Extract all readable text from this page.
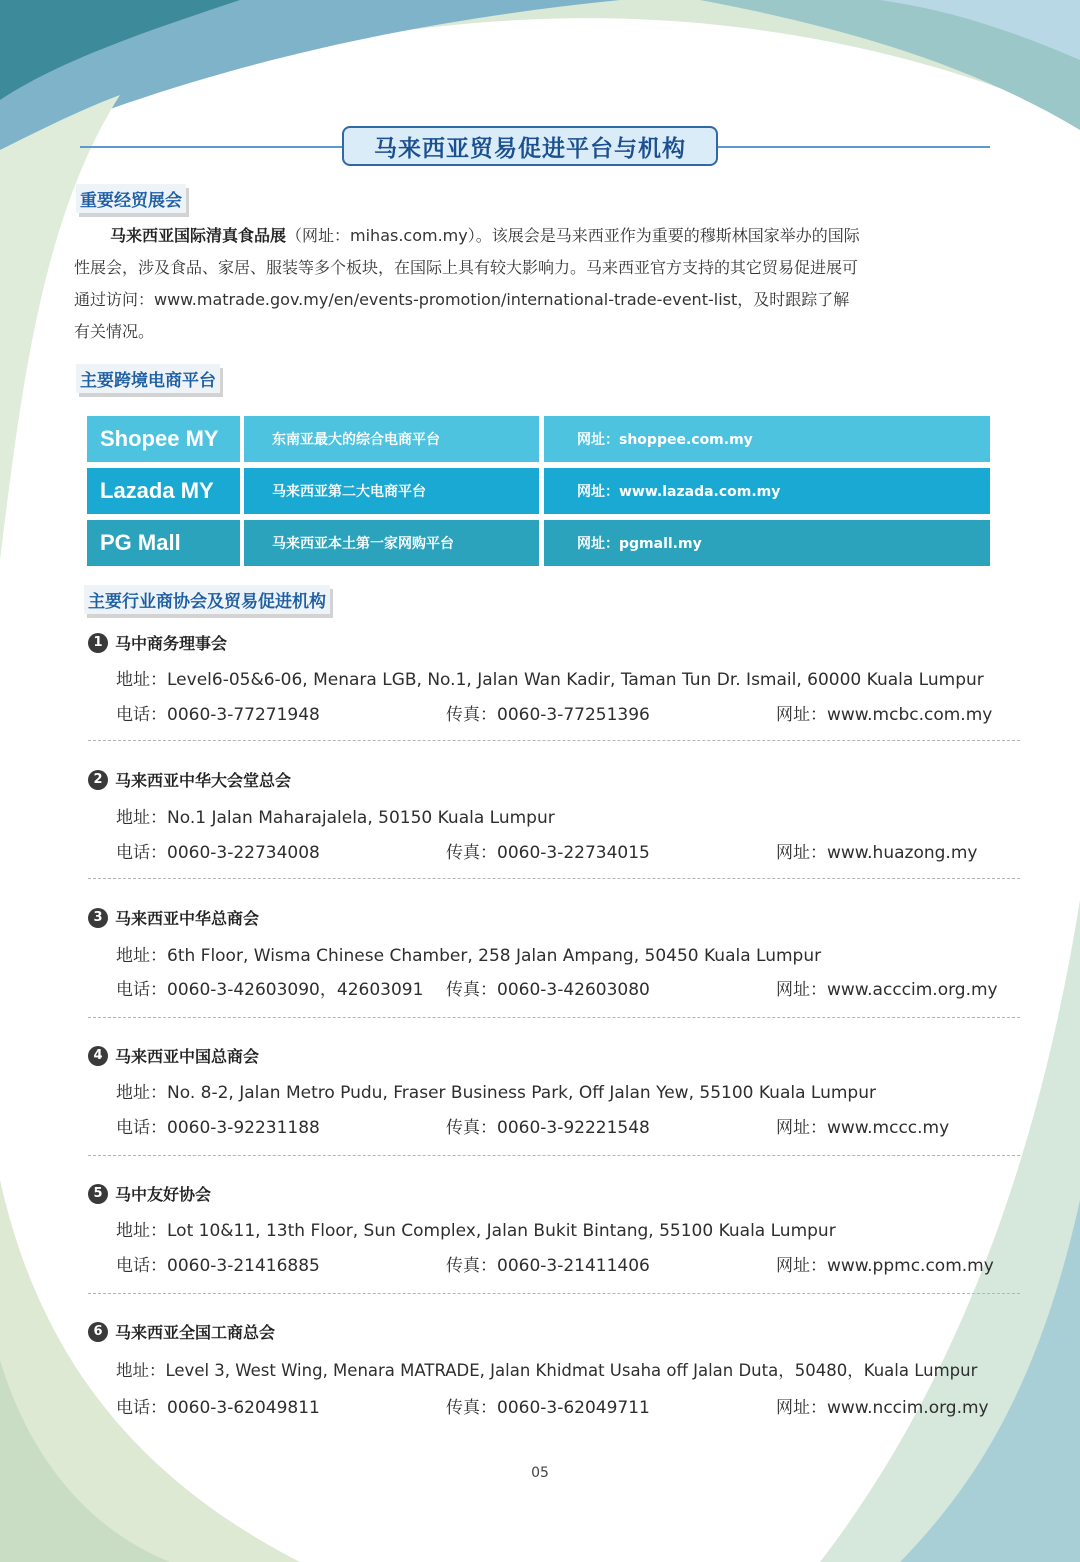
马来西亚贸易促进平台与机构
重要经贸展会
马来西亚国际清真食品展（网址：mihas.com.my）。该展会是马来西亚作为重要的穆斯林国家举办的国际
性展会，涉及食品、家居、服装等多个板块，在国际上具有较大影响力。马来西亚官方支持的其它贸易促进展可
通过访问：www.matrade.gov.my/en/events-promotion/international-trade-event-list，及时跟踪了解
有关情况。
主要跨境电商平台
Shopee MY	东南亚最大的综合电商平台	网址：shoppee.com.my
Lazada MY	马来西亚第二大电商平台	网址：www.lazada.com.my
PG Mall	马来西亚本土第一家网购平台	网址：pgmall.my
主要行业商协会及贸易促进机构
1 马中商务理事会
地址：Level6-05&6-06, Menara LGB, No.1, Jalan Wan Kadir, Taman Tun Dr. Ismail, 60000 Kuala Lumpur
电话：0060-3-77271948	传真：0060-3-77251396	网址：www.mcbc.com.my
2 马来西亚中华大会堂总会
地址：No.1 Jalan Maharajalela, 50150 Kuala Lumpur
电话：0060-3-22734008	传真：0060-3-22734015	网址：www.huazong.my
3 马来西亚中华总商会
地址：6th Floor, Wisma Chinese Chamber, 258 Jalan Ampang, 50450 Kuala Lumpur
电话：0060-3-42603090，42603091 传真：0060-3-42603080	网址：www.acccim.org.my
4 马来西亚中国总商会
地址：No. 8-2, Jalan Metro Pudu, Fraser Business Park, Off Jalan Yew, 55100 Kuala Lumpur
电话：0060-3-92231188	传真：0060-3-92221548	网址：www.mccc.my
5 马中友好协会
地址：Lot 10&11, 13th Floor, Sun Complex, Jalan Bukit Bintang, 55100 Kuala Lumpur
电话：0060-3-21416885	传真：0060-3-21411406	网址：www.ppmc.com.my
6 马来西亚全国工商总会
地址：Level 3, West Wing, Menara MATRADE, Jalan Khidmat Usaha off Jalan Duta，50480，Kuala Lumpur
电话：0060-3-62049811	传真：0060-3-62049711	网址：www.nccim.org.my
05
